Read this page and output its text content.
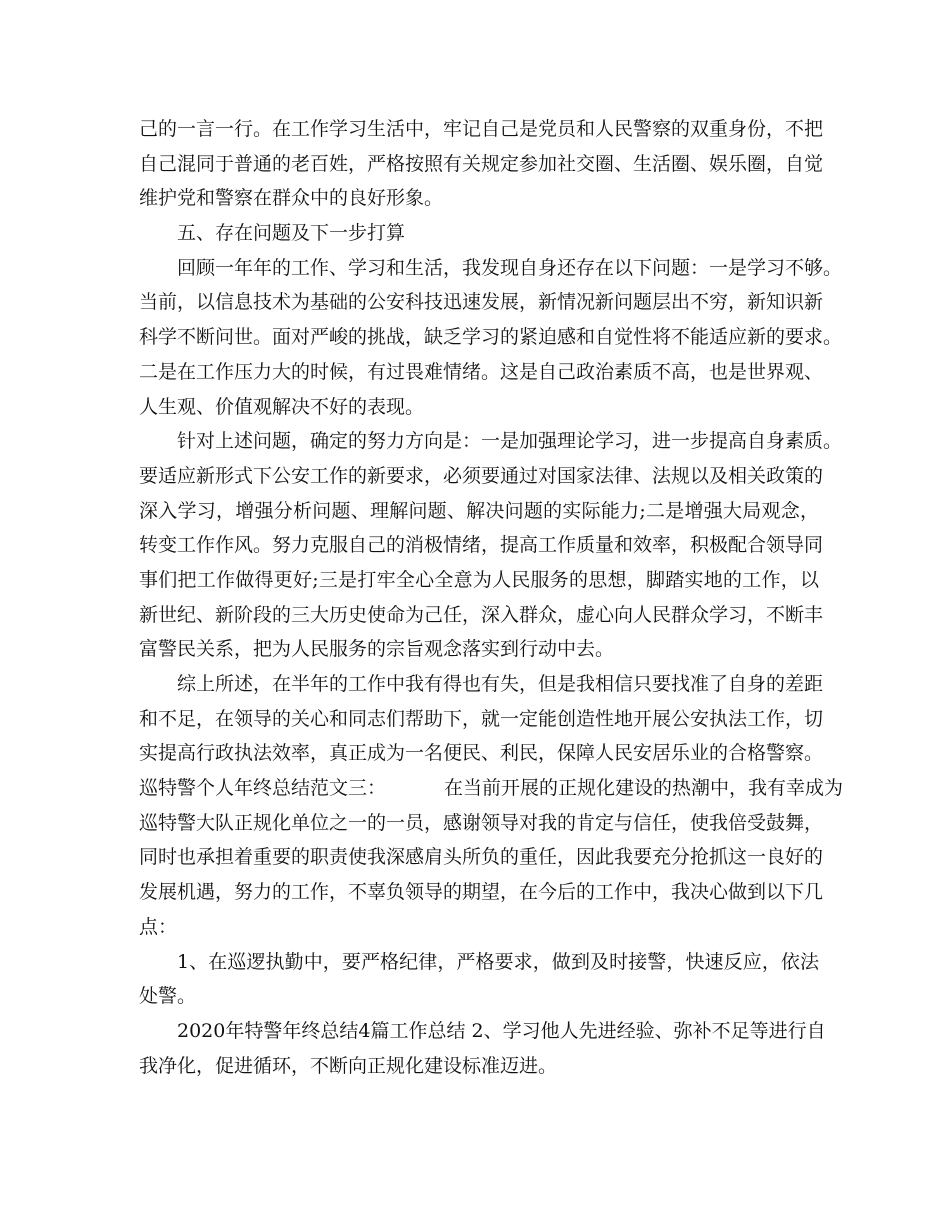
己的一言一行。在工作学习生活中，牢记自己是党员和人民警察的双重身份，不把
自己混同于普通的老百姓，严格按照有关规定参加社交圈、生活圈、娱乐圈，自觉
维护党和警察在群众中的良好形象。
五、存在问题及下一步打算
回顾一年年的工作、学习和生活，我发现自身还存在以下问题：一是学习不够。
当前，以信息技术为基础的公安科技迅速发展，新情况新问题层出不穷，新知识新
科学不断问世。面对严峻的挑战，缺乏学习的紧迫感和自觉性将不能适应新的要求。
二是在工作压力大的时候，有过畏难情绪。这是自己政治素质不高，也是世界观、
人生观、价值观解决不好的表现。
针对上述问题，确定的努力方向是：一是加强理论学习，进一步提高自身素质。
要适应新形式下公安工作的新要求，必须要通过对国家法律、法规以及相关政策的
深入学习，增强分析问题、理解问题、解决问题的实际能力;二是增强大局观念，
转变工作作风。努力克服自己的消极情绪，提高工作质量和效率，积极配合领导同
事们把工作做得更好;三是打牢全心全意为人民服务的思想，脚踏实地的工作，以
新世纪、新阶段的三大历史使命为己任，深入群众，虚心向人民群众学习，不断丰
富警民关系，把为人民服务的宗旨观念落实到行动中去。
综上所述，在半年的工作中我有得也有失，但是我相信只要找准了自身的差距
和不足，在领导的关心和同志们帮助下，就一定能创造性地开展公安执法工作，切
实提高行政执法效率，真正成为一名便民、利民，保障人民安居乐业的合格警察。
巡特警个人年终总结范文三：	在当前开展的正规化建设的热潮中，我有幸成为
巡特警大队正规化单位之一的一员，感谢领导对我的肯定与信任，使我倍受鼓舞，
同时也承担着重要的职责使我深感肩头所负的重任，因此我要充分抢抓这一良好的
发展机遇，努力的工作，不辜负领导的期望，在今后的工作中，我决心做到以下几
点：
1、在巡逻执勤中，要严格纪律，严格要求，做到及时接警，快速反应，依法
处警。
2020年特警年终总结4篇工作总结 2、学习他人先进经验、弥补不足等进行自
我净化，促进循环，不断向正规化建设标准迈进。
